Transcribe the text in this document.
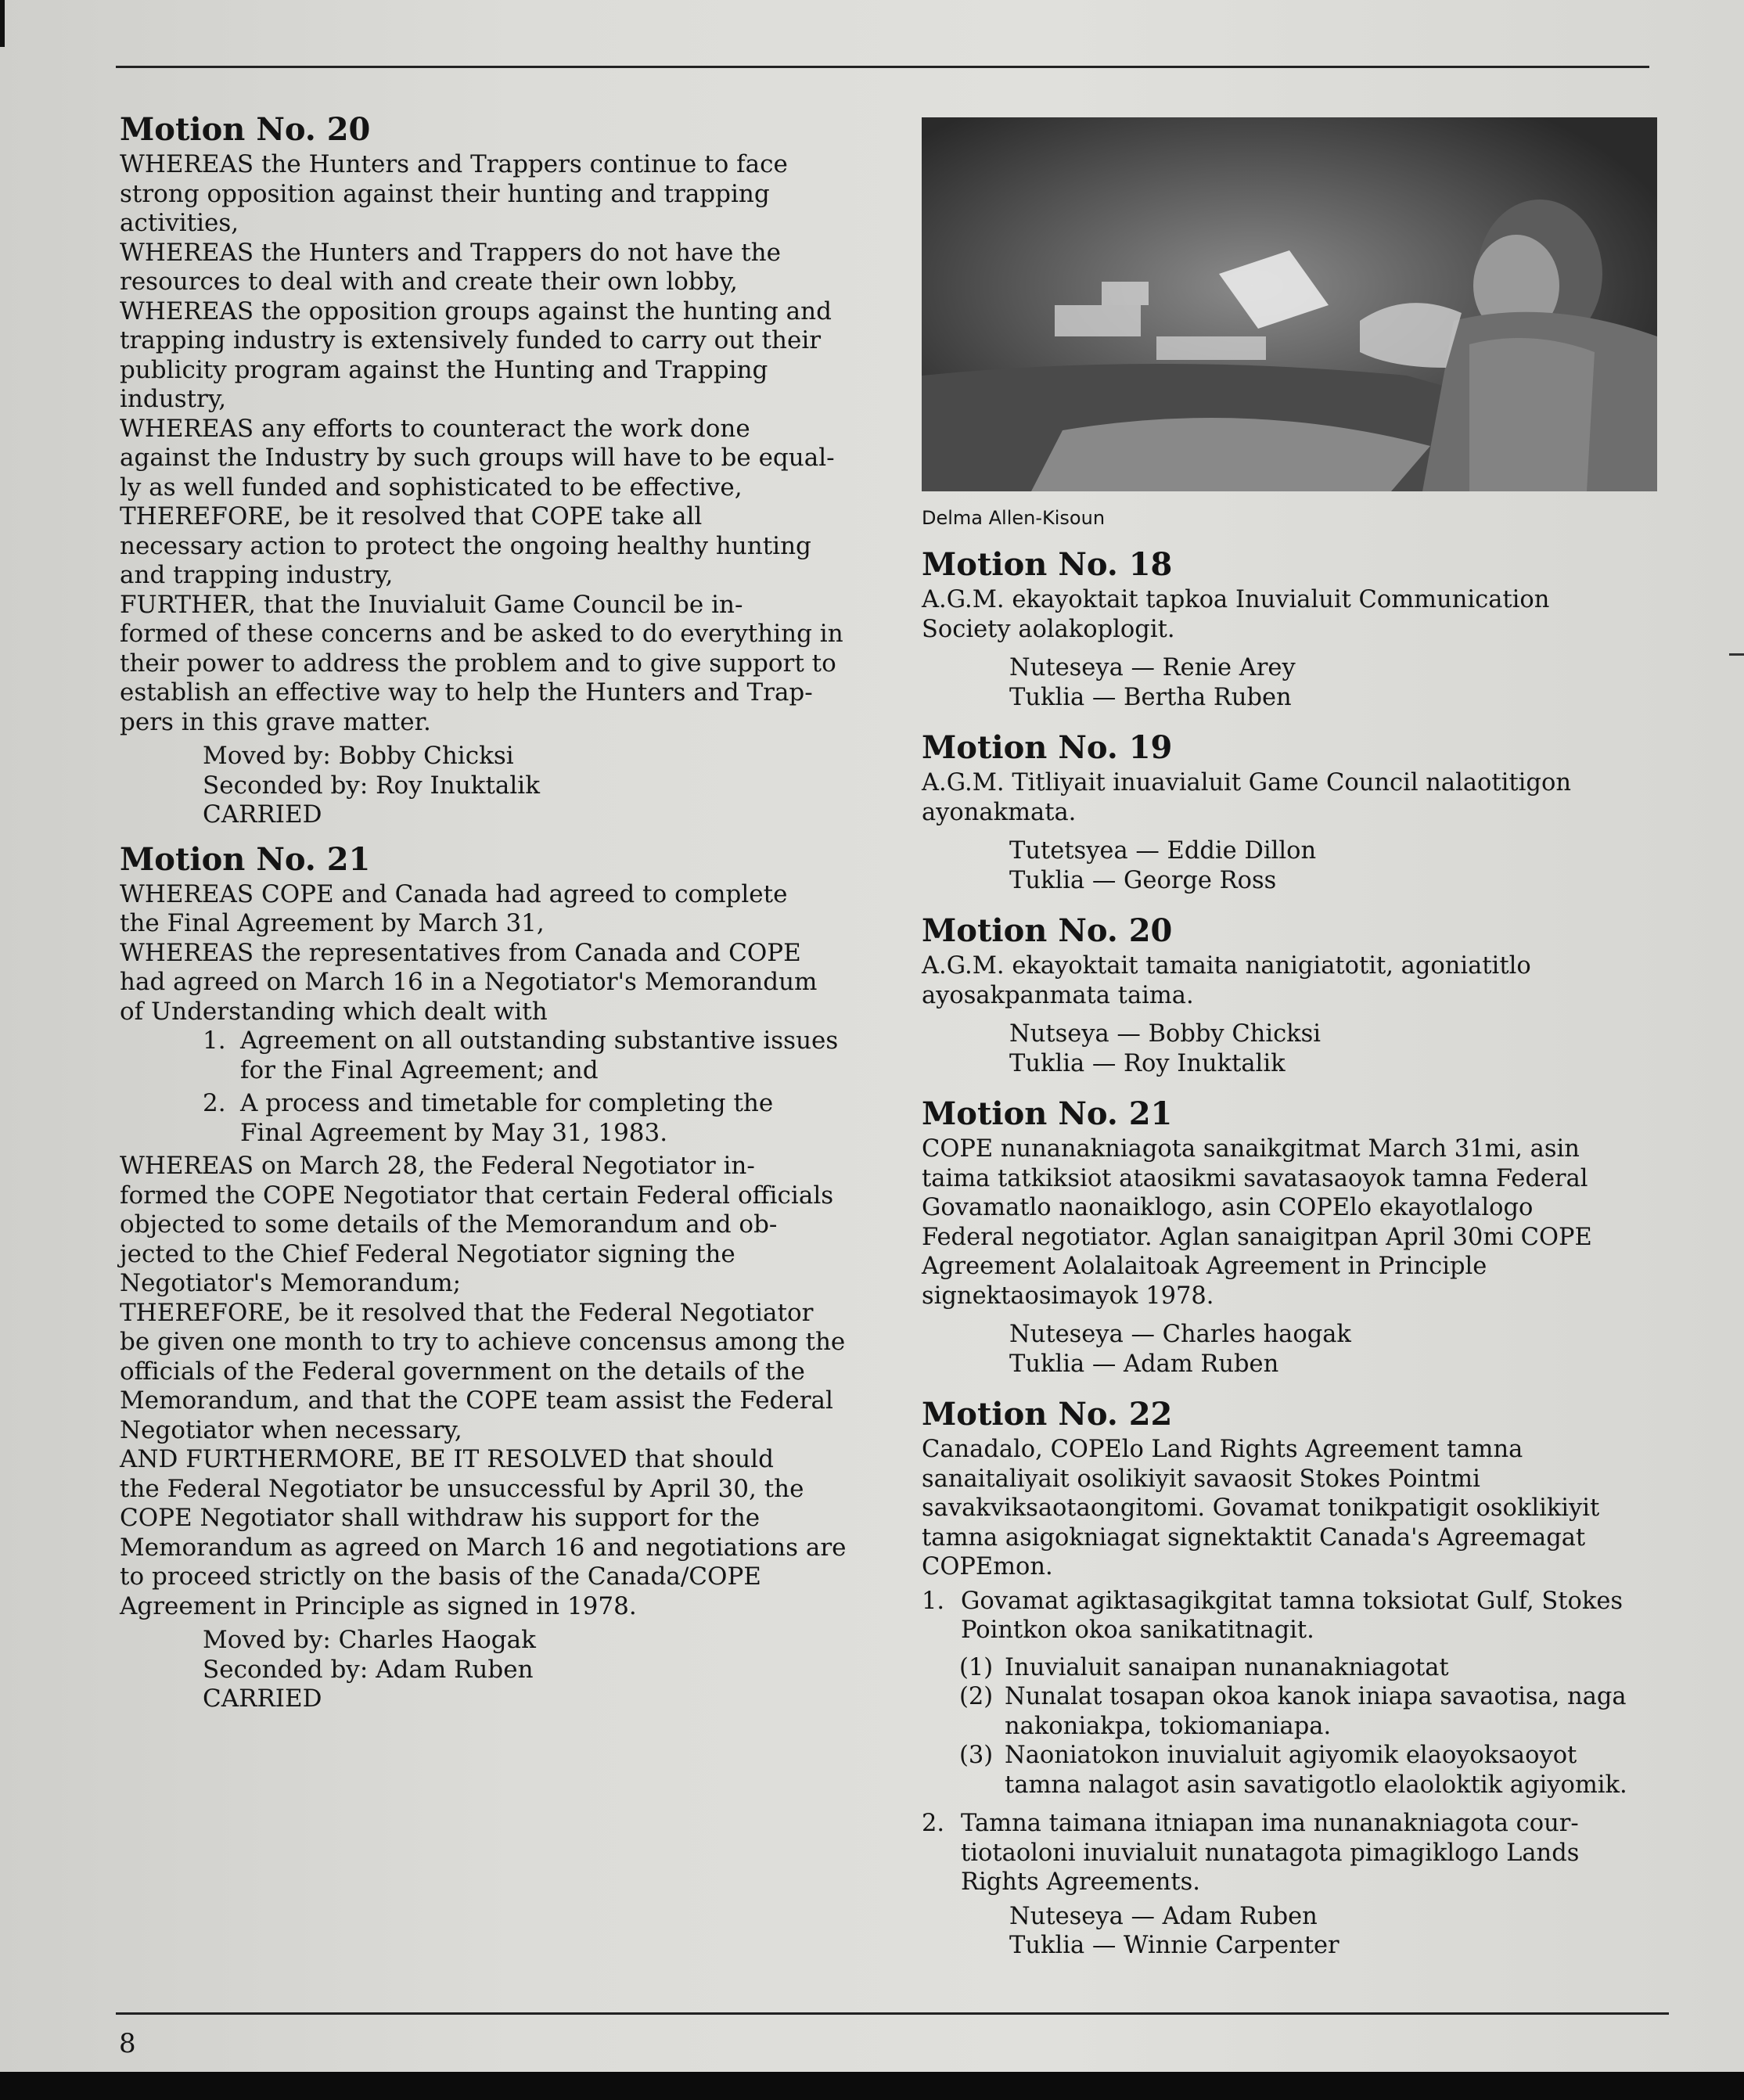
Motion No. 20

WHEREAS the Hunters and Trappers continue to face
strong opposition against their hunting and trapping
activities,
WHEREAS the Hunters and Trappers do not have the
resources to deal with and create their own lobby,
WHEREAS the opposition groups against the hunting and
trapping industry is extensively funded to carry out their
publicity program against the Hunting and Trapping
industry,
WHEREAS any efforts to counteract the work done
against the Industry by such groups will have to be equal-
ly as well funded and sophisticated to be effective,
THEREFORE, be it resolved that COPE take all
necessary action to protect the ongoing healthy hunting
and trapping industry,
FURTHER, that the Inuvialuit Game Council be in-
formed of these concerns and be asked to do everything in
their power to address the problem and to give support to
establish an effective way to help the Hunters and Trap-
pers in this grave matter.

Moved by: Bobby Chicksi
Seconded by: Roy Inuktalik
CARRIED
Motion No. 21

WHEREAS COPE and Canada had agreed to complete
the Final Agreement by March 31,
WHEREAS the representatives from Canada and COPE
had agreed on March 16 in a Negotiator's Memorandum
of Understanding which dealt with

1. Agreement on all outstanding substantive issues
for the Final Agreement; and
2. A process and timetable for completing the
Final Agreement by May 31, 1983.

WHEREAS on March 28, the Federal Negotiator in-
formed the COPE Negotiator that certain Federal officials
objected to some details of the Memorandum and ob-
jected to the Chief Federal Negotiator signing the
Negotiator's Memorandum;
THEREFORE, be it resolved that the Federal Negotiator
be given one month to try to achieve concensus among the
officials of the Federal government on the details of the
Memorandum, and that the COPE team assist the Federal
Negotiator when necessary,
AND FURTHERMORE, BE IT RESOLVED that should
the Federal Negotiator be unsuccessful by April 30, the
COPE Negotiator shall withdraw his support for the
Memorandum as agreed on March 16 and negotiations are
to proceed strictly on the basis of the Canada/COPE
Agreement in Principle as signed in 1978.

Moved by: Charles Haogak
Seconded by: Adam Ruben
CARRIED
Delma Allen-Kisoun
Motion No. 18

A.G.M. ekayoktait tapkoa Inuvialuit Communication
Society aolakoplogit.

Nuteseya — Renie Arey
Tuklia — Bertha Ruben
Motion No. 19

A.G.M. Titliyait inuavialuit Game Council nalaotitigon
ayonakmata.

Tutetsyea — Eddie Dillon
Tuklia — George Ross
Motion No. 20

A.G.M. ekayoktait tamaita nanigiatotit, agoniatitlo
ayosakpanmata taima.

Nutseya — Bobby Chicksi
Tuklia — Roy Inuktalik
Motion No. 21

COPE nunanakniagota sanaikgitmat March 31mi, asin
taima tatkiksiot ataosikmi savatasaoyok tamna Federal
Govamatlo naonaiklogo, asin COPElo ekayotlalogo
Federal negotiator. Aglan sanaigitpan April 30mi COPE
Agreement Aolalaitoak Agreement in Principle
signektaosimayok 1978.

Nuteseya — Charles haogak
Tuklia — Adam Ruben
Motion No. 22

Canadalo, COPElo Land Rights Agreement tamna
sanaitaliyait osolikiyit savaosit Stokes Pointmi
savakviksaotaongitomi. Govamat tonikpatigit osoklikiyit
tamna asigokniagat signektaktit Canada's Agreemagat
COPEmon.

1. Govamat agiktasagikgitat tamna toksiotat Gulf, Stokes
Pointkon okoa sanikatitnagit.
(1) Inuvialuit sanaipan nunanakniagotat
(2) Nunalat tosapan okoa kanok iniapa savaotisa, naga
nakoniakpa, tokiomaniapa.
(3) Naoniatokon inuvialuit agiyomik elaoyoksaoyot
tamna nalagot asin savatigotlo elaoloktik agiyomik.
2. Tamna taimana itniapan ima nunanakniagota cour-
tiotaoloni inuvialuit nunatagota pimagiklogo Lands
Rights Agreements.
Nuteseya — Adam Ruben
Tuklia — Winnie Carpenter
8
